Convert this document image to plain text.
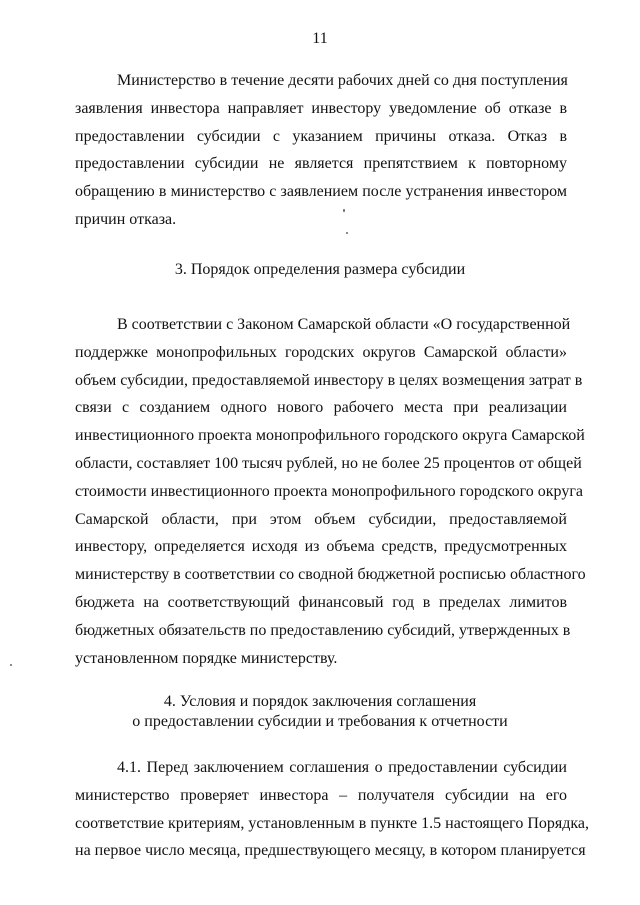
11
Министерство в течение десяти рабочих дней со дня поступления
заявления инвестора направляет инвестору уведомление об отказе в
предоставлении субсидии с указанием причины отказа. Отказ в
предоставлении субсидии не является препятствием к повторному
обращению в министерство с заявлением после устранения инвестором
причин отказа.
3. Порядок определения размера субсидии
В соответствии с Законом Самарской области «О государственной
поддержке монопрофильных городских округов Самарской области»
объем субсидии, предоставляемой инвестору в целях возмещения затрат в
связи с созданием одного нового рабочего места при реализации
инвестиционного проекта монопрофильного городского округа Самарской
области, составляет 100 тысяч рублей, но не более 25 процентов от общей
стоимости инвестиционного проекта монопрофильного городского округа
Самарской области, при этом объем субсидии, предоставляемой
инвестору, определяется исходя из объема средств, предусмотренных
министерству в соответствии со сводной бюджетной росписью областного
бюджета на соответствующий финансовый год в пределах лимитов
бюджетных обязательств по предоставлению субсидий, утвержденных в
установленном порядке министерству.
4. Условия и порядок заключения соглашения
о предоставлении субсидии и требования к отчетности
4.1. Перед заключением соглашения о предоставлении субсидии
министерство проверяет инвестора – получателя субсидии на его
соответствие критериям, установленным в пункте 1.5 настоящего Порядка,
на первое число месяца, предшествующего месяцу, в котором планируется
